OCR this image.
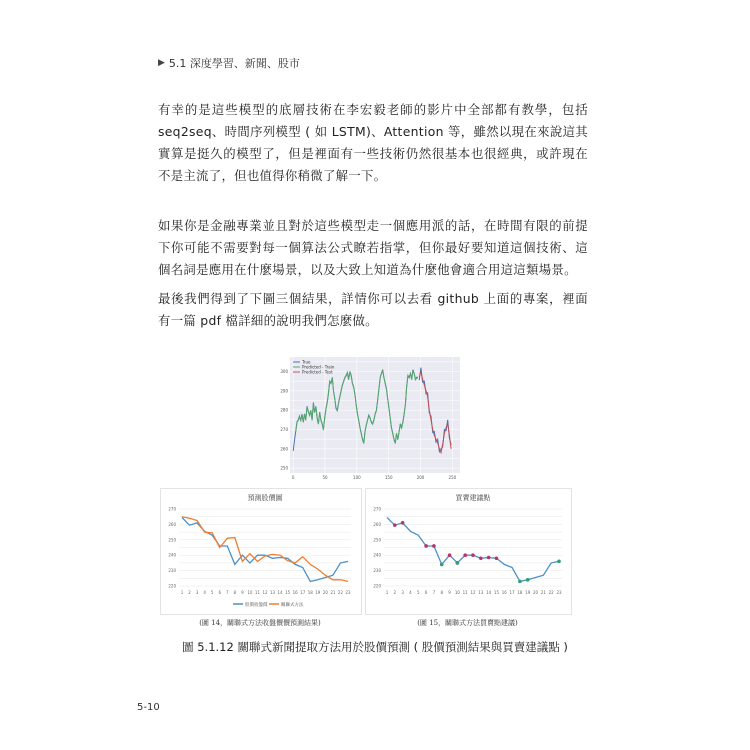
▶ 5.1 深度學習、新聞、股市

有幸的是這些模型的底層技術在李宏毅老師的影片中全部都有教學，包括 seq2seq、時間序列模型 ( 如 LSTM)、Attention 等，雖然以現在來說這其實算是挺久的模型了，但是裡面有一些技術仍然很基本也很經典，或許現在不是主流了，但也值得你稍微了解一下。

如果你是金融專業並且對於這些模型走一個應用派的話，在時間有限的前提下你可能不需要對每一個算法公式瞭若指掌，但你最好要知道這個技術、這個名詞是應用在什麼場景，以及大致上知道為什麼他會適合用這這類場景。

最後我們得到了下圖三個結果，詳情你可以去看 github 上面的專案，裡面有一篇 pdf 檔詳細的說明我們怎麼做。

250
260
270
280
290
300
0	50	100	150	200	250
True
Predicted - Train
Predicted - Test
預測股價圖
220
230
240
250
260
270
1 2 3 4 5 6 7 8 9 10 11 12 13 14 15 16 17 18 19 20 21 22 23
股價收盤價	關聯式方法
買賣建議點
220
230
240
250
260
270
1 2 3 4 5 6 7 8 9 10 11 12 13 14 15 16 17 18 19 20 21 22 23
(圖 14，關聯式方法收盤價價預測結果)	(圖 15，關聯式方法買賣點建議)
圖 5.1.12 關聯式新聞提取方法用於股價預測 ( 股價預測結果與買賣建議點 )
5-10
